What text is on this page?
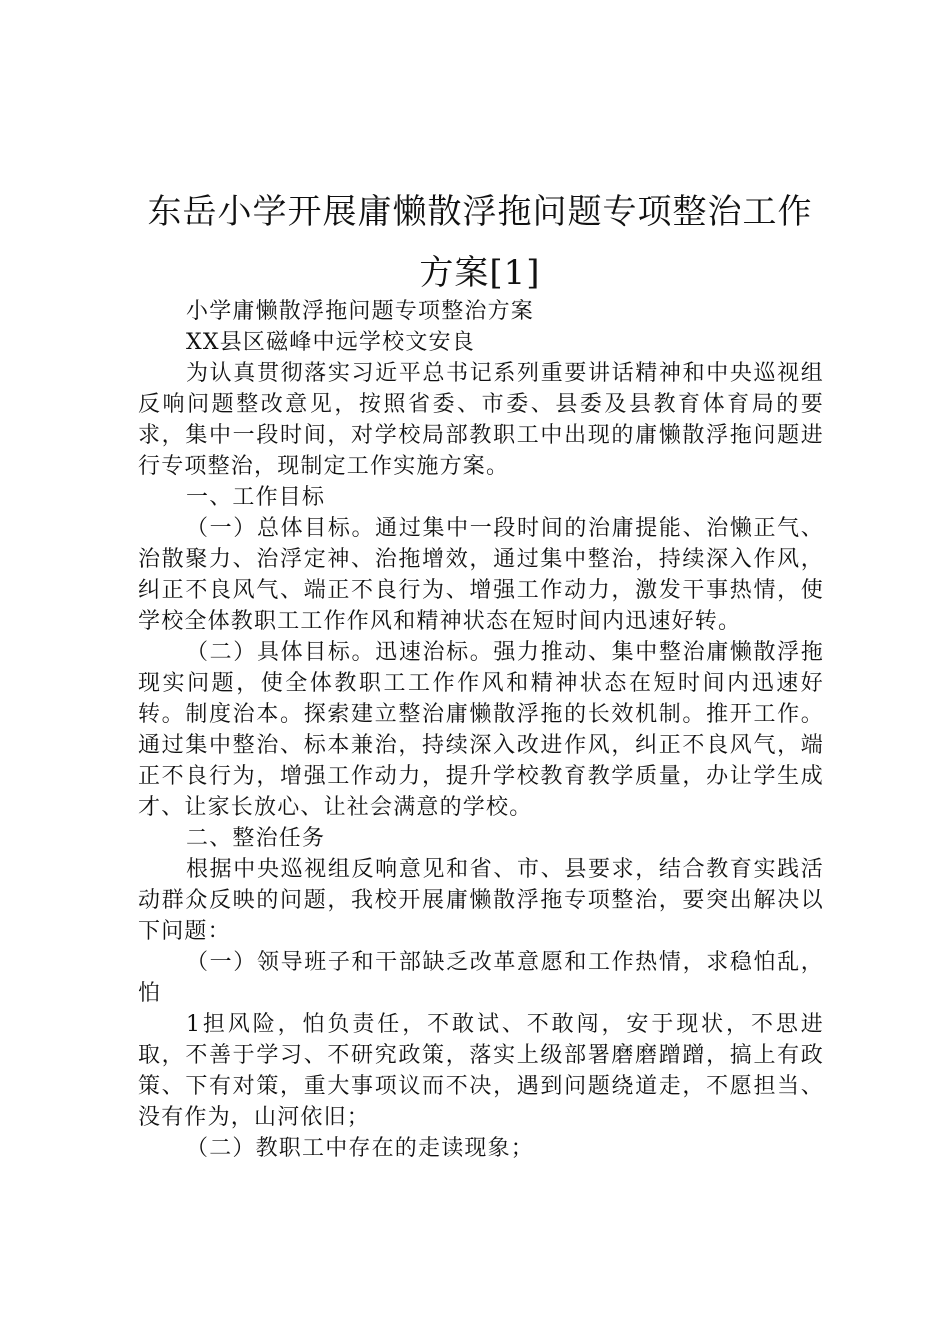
东岳小学开展庸懒散浮拖问题专项整治工作
方案[1]

小学庸懒散浮拖问题专项整治方案

XX县区磁峰中远学校文安良

为认真贯彻落实习近平总书记系列重要讲话精神和中央巡视组反响问题整改意见，按照省委、市委、县委及县教育体育局的要求，集中一段时间，对学校局部教职工中出现的庸懒散浮拖问题进行专项整治，现制定工作实施方案。

一、工作目标

（一）总体目标。通过集中一段时间的治庸提能、治懒正气、治散聚力、治浮定神、治拖增效，通过集中整治，持续深入作风，纠正不良风气、端正不良行为、增强工作动力，激发干事热情，使学校全体教职工工作作风和精神状态在短时间内迅速好转。

（二）具体目标。迅速治标。强力推动、集中整治庸懒散浮拖现实问题，使全体教职工工作作风和精神状态在短时间内迅速好转。制度治本。探索建立整治庸懒散浮拖的长效机制。推开工作。通过集中整治、标本兼治，持续深入改进作风，纠正不良风气，端正不良行为，增强工作动力，提升学校教育教学质量，办让学生成才、让家长放心、让社会满意的学校。

二、整治任务

根据中央巡视组反响意见和省、市、县要求，结合教育实践活动群众反映的问题，我校开展庸懒散浮拖专项整治，要突出解决以下问题：

（一）领导班子和干部缺乏改革意愿和工作热情，求稳怕乱，怕

1担风险，怕负责任，不敢试、不敢闯，安于现状，不思进取，不善于学习、不研究政策，落实上级部署磨磨蹭蹭，搞上有政策、下有对策，重大事项议而不决，遇到问题绕道走，不愿担当、没有作为，山河依旧；

（二）教职工中存在的走读现象；
